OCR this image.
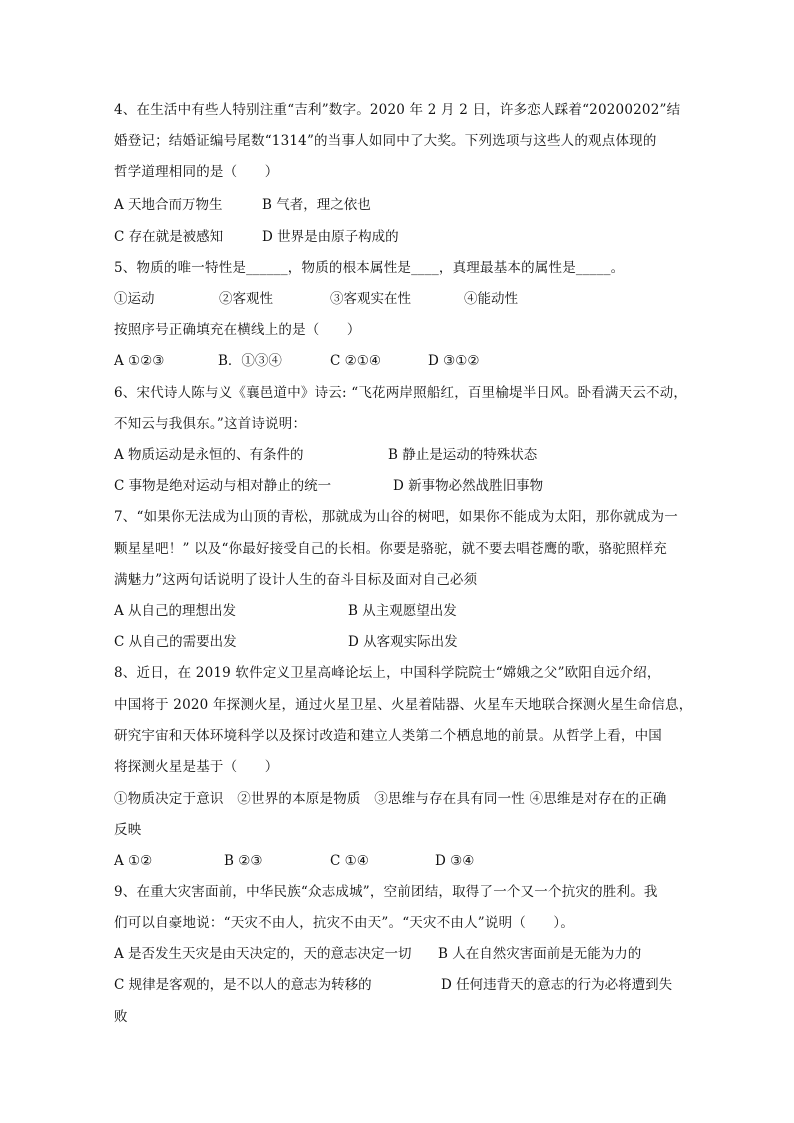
4、在生活中有些人特别注重“吉利”数字。2020 年 2 月 2 日，许多恋人踩着“20200202”结
婚登记；结婚证编号尾数“1314”的当事人如同中了大奖。下列选项与这些人的观点体现的
哲学道理相同的是（　　）
A 天地合而万物生	B 气者，理之依也
C 存在就是被感知	D 世界是由原子构成的
5、物质的唯一特性是______，物质的根本属性是____，真理最基本的属性是_____。
①运动	②客观性	③客观实在性	④能动性
按照序号正确填充在横线上的是（　　）
A ①②③	B．①③④	C ②①④	D ③①②
6、宋代诗人陈与义《襄邑道中》诗云: “飞花两岸照船红，百里榆堤半日风。卧看满天云不动，
不知云与我俱东。”这首诗说明：
A 物质运动是永恒的、有条件的	B 静止是运动的特殊状态
C 事物是绝对运动与相对静止的统一	D 新事物必然战胜旧事物
7、“如果你无法成为山顶的青松，那就成为山谷的树吧，如果你不能成为太阳，那你就成为一
颗星星吧！” 以及“你最好接受自己的长相。你要是骆驼，就不要去唱苍鹰的歌，骆驼照样充
满魅力”这两句话说明了设计人生的奋斗目标及面对自己必须
A 从自己的理想出发	B 从主观愿望出发
C 从自己的需要出发	D 从客观实际出发
8、近日，在 2019 软件定义卫星高峰论坛上，中国科学院院士“嫦娥之父”欧阳自远介绍，
中国将于 2020 年探测火星，通过火星卫星、火星着陆器、火星车天地联合探测火星生命信息，
研究宇宙和天体环境科学以及探讨改造和建立人类第二个栖息地的前景。从哲学上看，中国
将探测火星是基于（　　）
①物质决定于意识　②世界的本原是物质　③思维与存在具有同一性 ④思维是对存在的正确
反映
A ①②	B ②③	C ①④	D ③④
9、在重大灾害面前，中华民族“众志成城”，空前团结，取得了一个又一个抗灾的胜利。我
们可以自豪地说：“天灾不由人，抗灾不由天”。“天灾不由人”说明（　　）。
A 是否发生天灾是由天决定的，天的意志决定一切 B 人在自然灾害面前是无能为力的
C 规律是客观的，是不以人的意志为转移的	D 任何违背天的意志的行为必将遭到失
败
